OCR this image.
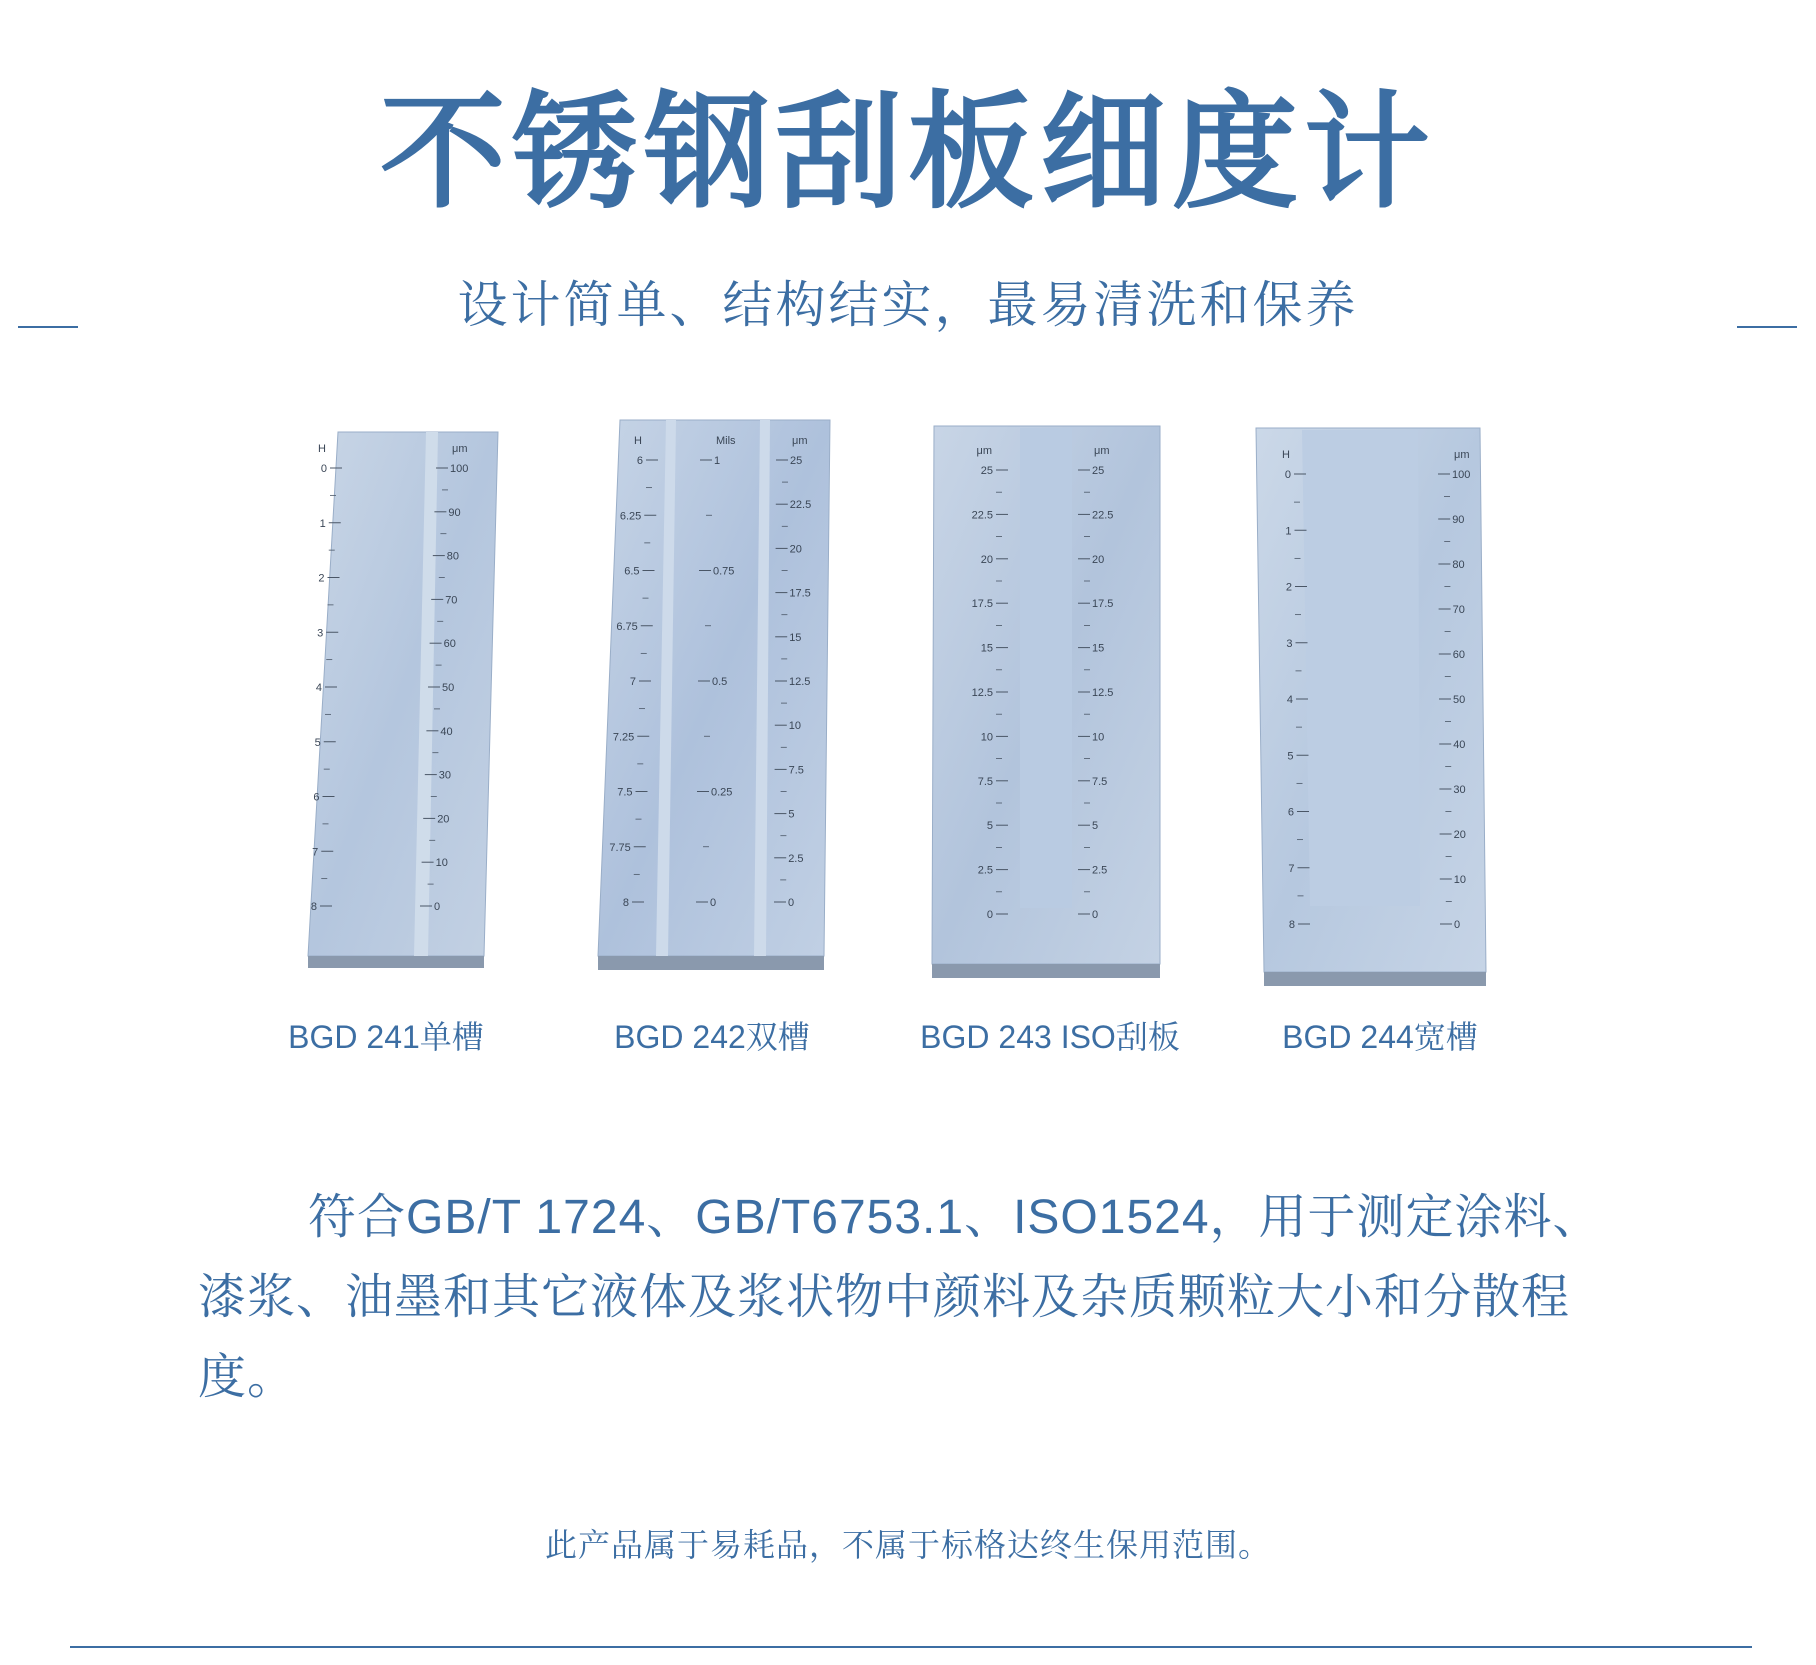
不锈钢刮板细度计

设计简单、结构结实，最易清洗和保养

H
0
1
2
3
4
5
6
7
8
μm
100
90
80
70
60
50
40
30
20
10
0
BGD 241单槽
H
6
6.25
6.5
6.75
7
7.25
7.5
7.75
8
Mils
1
0.75
0.5
0.25
0
μm
25
22.5
20
17.5
15
12.5
10
7.5
5
2.5
0
BGD 242双槽
μm
25
22.5
20
17.5
15
12.5
10
7.5
5
2.5
0
μm
25
22.5
20
17.5
15
12.5
10
7.5
5
2.5
0
BGD 243 ISO刮板
H
0
1
2
3
4
5
6
7
8
μm
100
90
80
70
60
50
40
30
20
10
0
BGD 244宽槽

符合GB/T 1724、GB/T6753.1、ISO1524，用于测定涂料、漆浆、油墨和其它液体及浆状物中颜料及杂质颗粒大小和分散程度。

此产品属于易耗品，不属于标格达终生保用范围。
